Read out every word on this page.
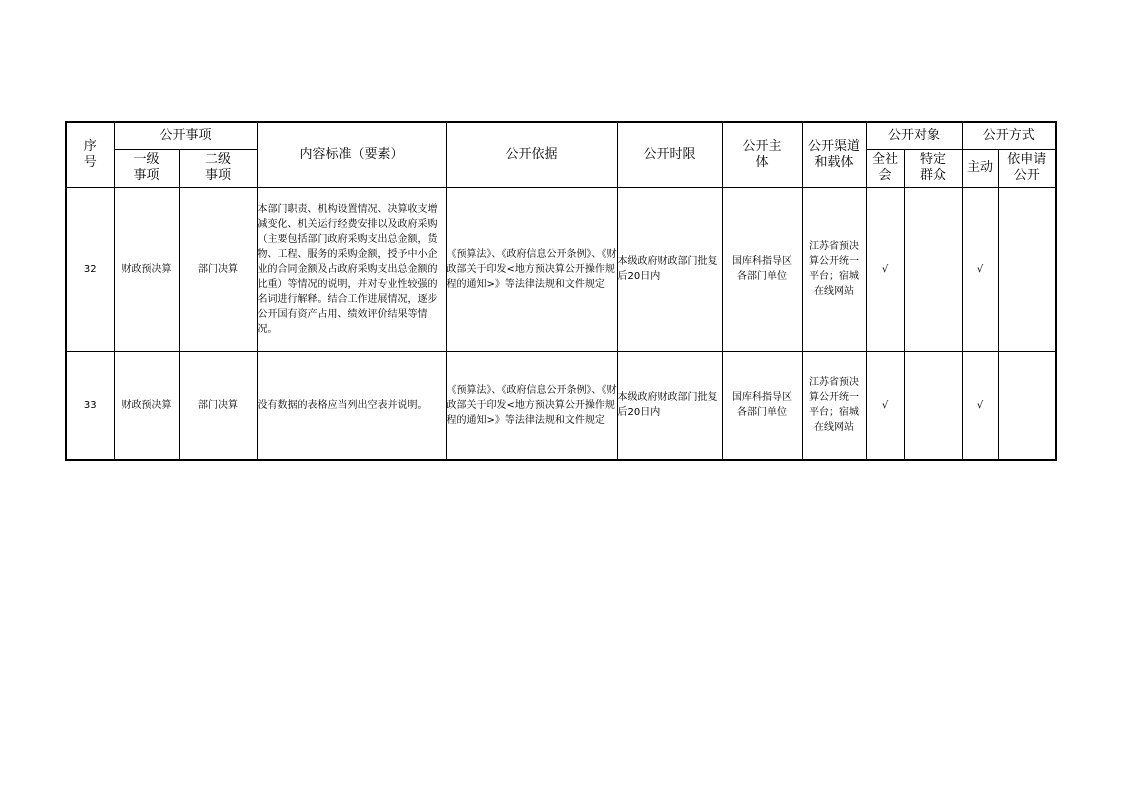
序号	公开事项		内容标准（要素）	公开依据	公开时限	公开主体	公开渠道和载体	公开对象		公开方式	
	一级事项	二级事项						全社会	特定群众	主动	依申请公开
32	财政预决算	部门决算	本部门职责、机构设置情况、决算收支增减变化、机关运行经费安排以及政府采购（主要包括部门政府采购支出总金额，货物、工程、服务的采购金额，授予中小企业的合同金额及占政府采购支出总金额的比重）等情况的说明，并对专业性较强的名词进行解释。结合工作进展情况，逐步公开国有资产占用、绩效评价结果等情况。	《预算法》、《政府信息公开条例》、《财政部关于印发<地方预决算公开操作规程的通知>》等法律法规和文件规定	本级政府财政部门批复后20日内	国库科指导区各部门单位	江苏省预决算公开统一平台；宿城在线网站	√		√	
33	财政预决算	部门决算	没有数据的表格应当列出空表并说明。	《预算法》、《政府信息公开条例》、《财政部关于印发<地方预决算公开操作规程的通知>》等法律法规和文件规定	本级政府财政部门批复后20日内	国库科指导区各部门单位	江苏省预决算公开统一平台；宿城在线网站	√		√	
